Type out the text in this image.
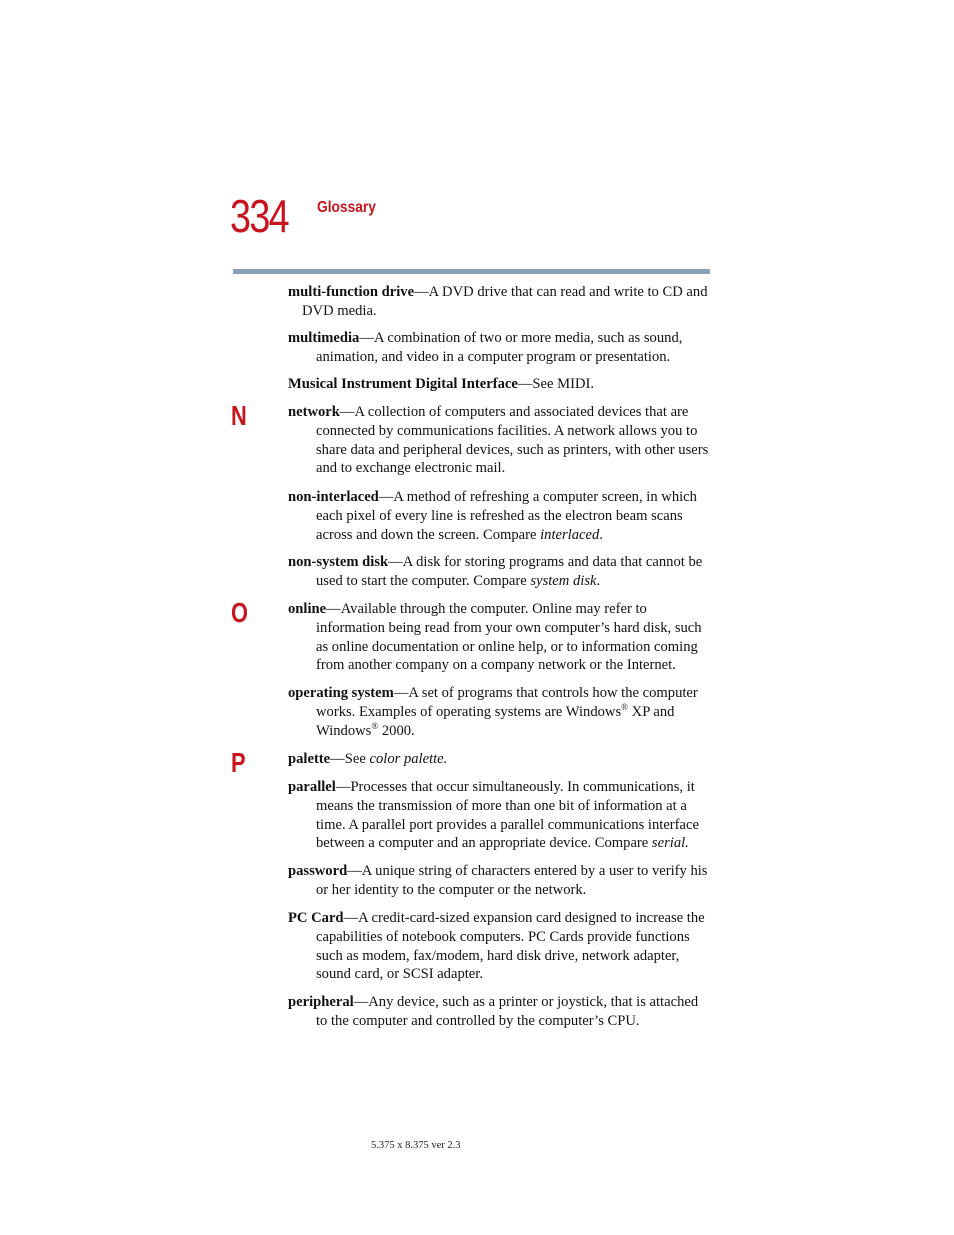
334 Glossary

multi-function drive—A DVD drive that can read and write to CD and DVD media.

multimedia—A combination of two or more media, such as sound, animation, and video in a computer program or presentation.

Musical Instrument Digital Interface—See MIDI.

N	network—A collection of computers and associated devices that are connected by communications facilities. A network allows you to share data and peripheral devices, such as printers, with other users and to exchange electronic mail.

non-interlaced—A method of refreshing a computer screen, in which each pixel of every line is refreshed as the electron beam scans across and down the screen. Compare interlaced.

non-system disk—A disk for storing programs and data that cannot be used to start the computer. Compare system disk.

O	online—Available through the computer. Online may refer to information being read from your own computer’s hard disk, such as online documentation or online help, or to information coming from another company on a company network or the Internet.

operating system—A set of programs that controls how the computer works. Examples of operating systems are Windows® XP and Windows® 2000.

P	palette—See color palette.

parallel—Processes that occur simultaneously. In communications, it means the transmission of more than one bit of information at a time. A parallel port provides a parallel communications interface between a computer and an appropriate device. Compare serial.

password—A unique string of characters entered by a user to verify his or her identity to the computer or the network.

PC Card—A credit-card-sized expansion card designed to increase the capabilities of notebook computers. PC Cards provide functions such as modem, fax/modem, hard disk drive, network adapter, sound card, or SCSI adapter.

peripheral—Any device, such as a printer or joystick, that is attached to the computer and controlled by the computer’s CPU.

5.375 x 8.375 ver 2.3
